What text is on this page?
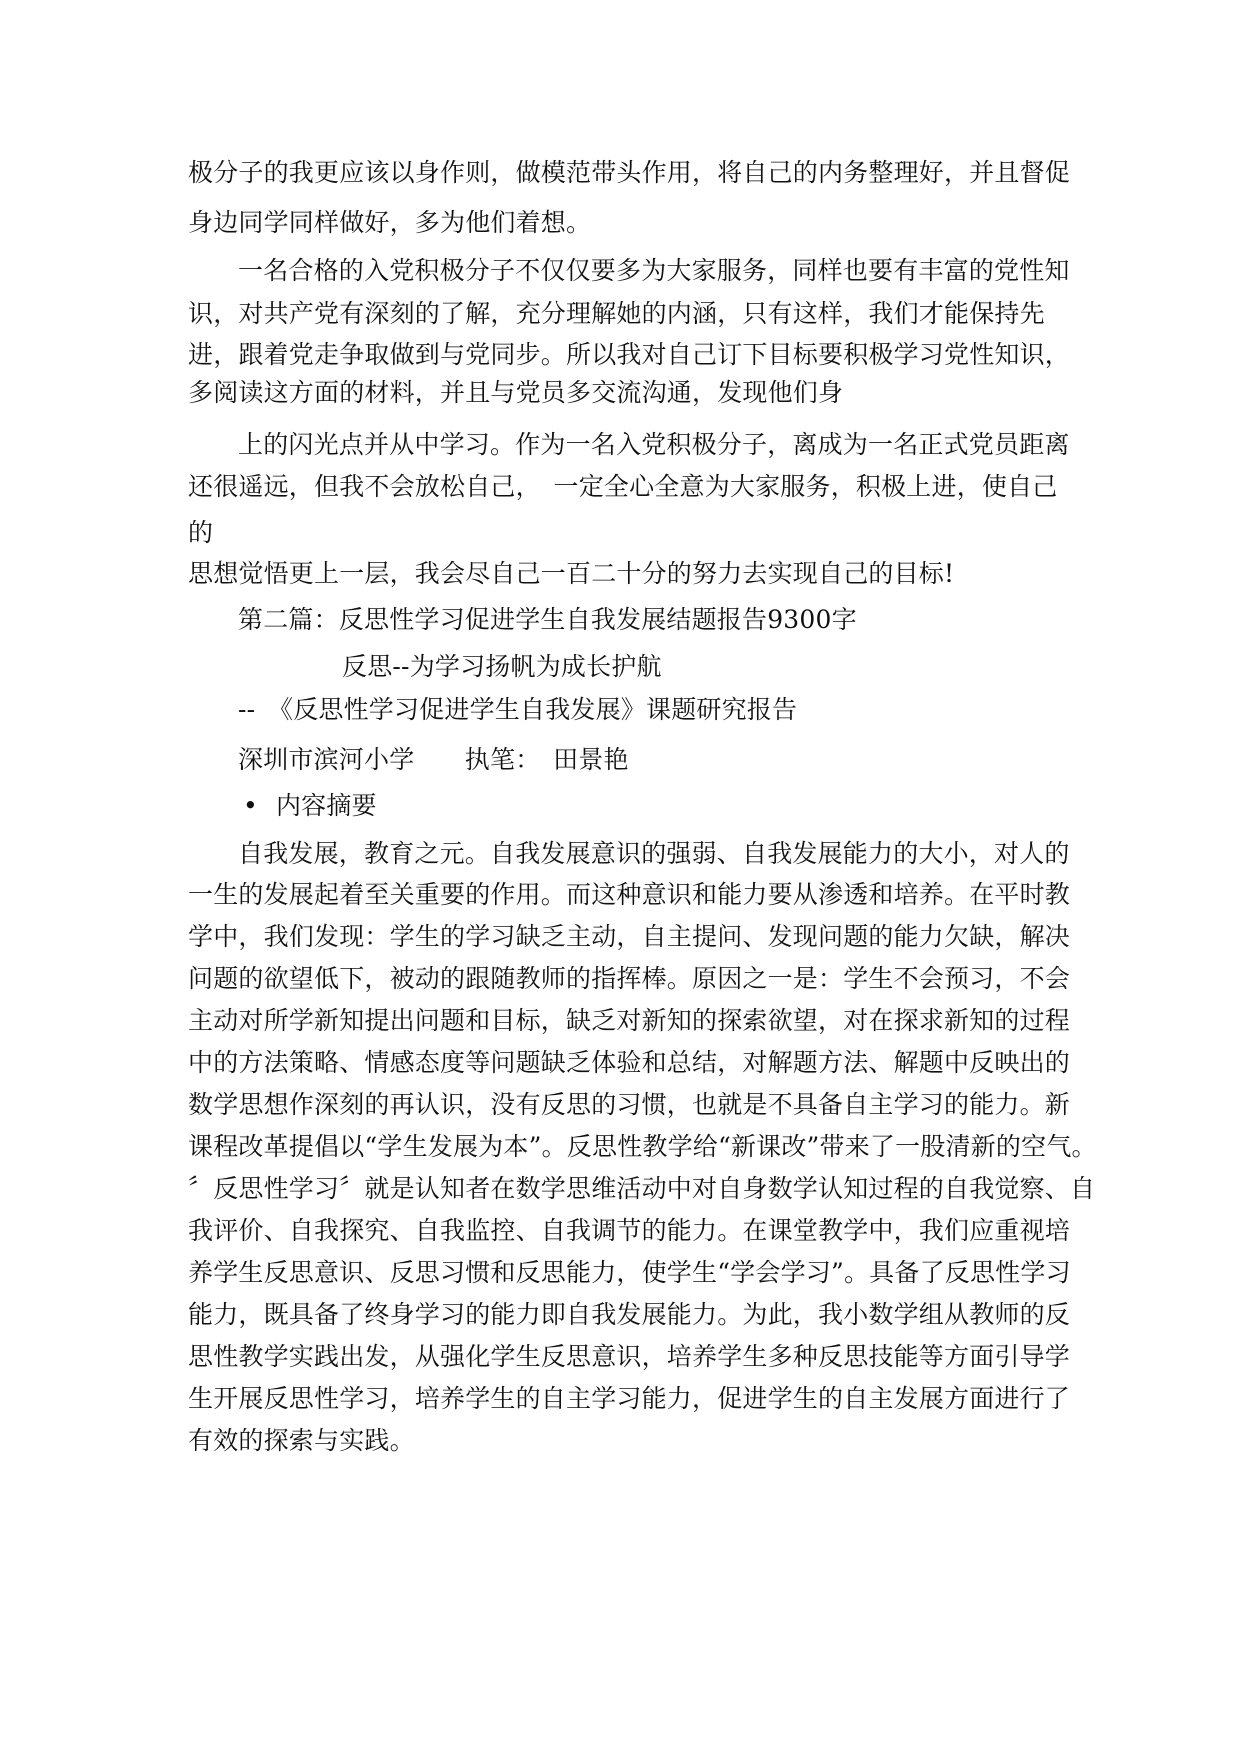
极分子的我更应该以身作则，做模范带头作用，将自己的内务整理好，并且督促
身边同学同样做好，多为他们着想。
一名合格的入党积极分子不仅仅要多为大家服务，同样也要有丰富的党性知
识，对共产党有深刻的了解，充分理解她的内涵，只有这样，我们才能保持先
进，跟着党走争取做到与党同步。所以我对自己订下目标要积极学习党性知识，
多阅读这方面的材料，并且与党员多交流沟通，发现他们身
上的闪光点并从中学习。作为一名入党积极分子，离成为一名正式党员距离
还很遥远，但我不会放松自己，　一定全心全意为大家服务，积极上进，使自己
的
思想觉悟更上一层，我会尽自己一百二十分的努力去实现自己的目标!
第二篇：反思性学习促进学生自我发展结题报告9300字
反思--为学习扬帆为成长护航
--　《反思性学习促进学生自我发展》课题研究报告
深圳市滨河小学　　执笔：　田景艳
• 内容摘要
自我发展，教育之元。自我发展意识的强弱、自我发展能力的大小，对人的
一生的发展起着至关重要的作用。而这种意识和能力要从渗透和培养。在平时教
学中，我们发现：学生的学习缺乏主动，自主提问、发现问题的能力欠缺，解决
问题的欲望低下，被动的跟随教师的指挥棒。原因之一是：学生不会预习，不会
主动对所学新知提出问题和目标，缺乏对新知的探索欲望，对在探求新知的过程
中的方法策略、情感态度等问题缺乏体验和总结，对解题方法、解题中反映出的
数学思想作深刻的再认识，没有反思的习惯，也就是不具备自主学习的能力。新
课程改革提倡以“学生发展为本”。反思性教学给“新课改”带来了一股清新的空气。
〞反思性学习〞就是认知者在数学思维活动中对自身数学认知过程的自我觉察、自
我评价、自我探究、自我监控、自我调节的能力。在课堂教学中，我们应重视培
养学生反思意识、反思习惯和反思能力，使学生“学会学习”。具备了反思性学习
能力，既具备了终身学习的能力即自我发展能力。为此，我小数学组从教师的反
思性教学实践出发，从强化学生反思意识，培养学生多种反思技能等方面引导学
生开展反思性学习，培养学生的自主学习能力，促进学生的自主发展方面进行了
有效的探索与实践。
